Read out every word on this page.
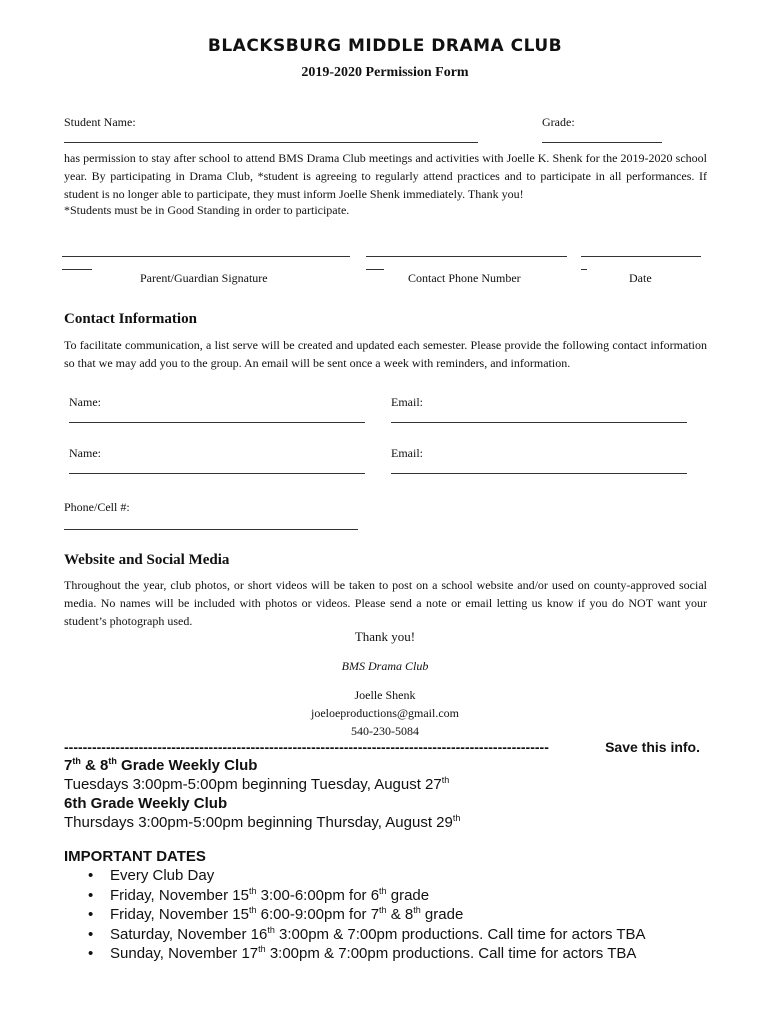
BLACKSBURG MIDDLE DRAMA CLUB
2019-2020 Permission Form
Student Name:	Grade:
has permission to stay after school to attend BMS Drama Club meetings and activities with Joelle K. Shenk for the 2019-2020 school year. By participating in Drama Club, *student is agreeing to regularly attend practices and to participate in all performances. If student is no longer able to participate, they must inform Joelle Shenk immediately. Thank you!
*Students must be in Good Standing in order to participate.
Parent/Guardian Signature	Contact Phone Number	Date
Contact Information
To facilitate communication, a list serve will be created and updated each semester. Please provide the following contact information so that we may add you to the group. An email will be sent once a week with reminders, and information.
Name:	Email:
Name:	Email:
Phone/Cell #:
Website and Social Media
Throughout the year, club photos, or short videos will be taken to post on a school website and/or used on county-approved social media. No names will be included with photos or videos. Please send a note or email letting us know if you do NOT want your student’s photograph used.
Thank you!
BMS Drama Club
Joelle Shenk
joeloeproductions@gmail.com
540-230-5084
--------------------------------------------------------------------------------------------------------	Save this info.
7th & 8th Grade Weekly Club
Tuesdays 3:00pm-5:00pm beginning Tuesday, August 27th
6th Grade Weekly Club
Thursdays 3:00pm-5:00pm beginning Thursday, August 29th
IMPORTANT DATES
• Every Club Day
• Friday, November 15th 3:00-6:00pm for 6th grade
• Friday, November 15th 6:00-9:00pm for 7th & 8th grade
• Saturday, November 16th 3:00pm & 7:00pm productions. Call time for actors TBA
• Sunday, November 17th 3:00pm & 7:00pm productions. Call time for actors TBA
